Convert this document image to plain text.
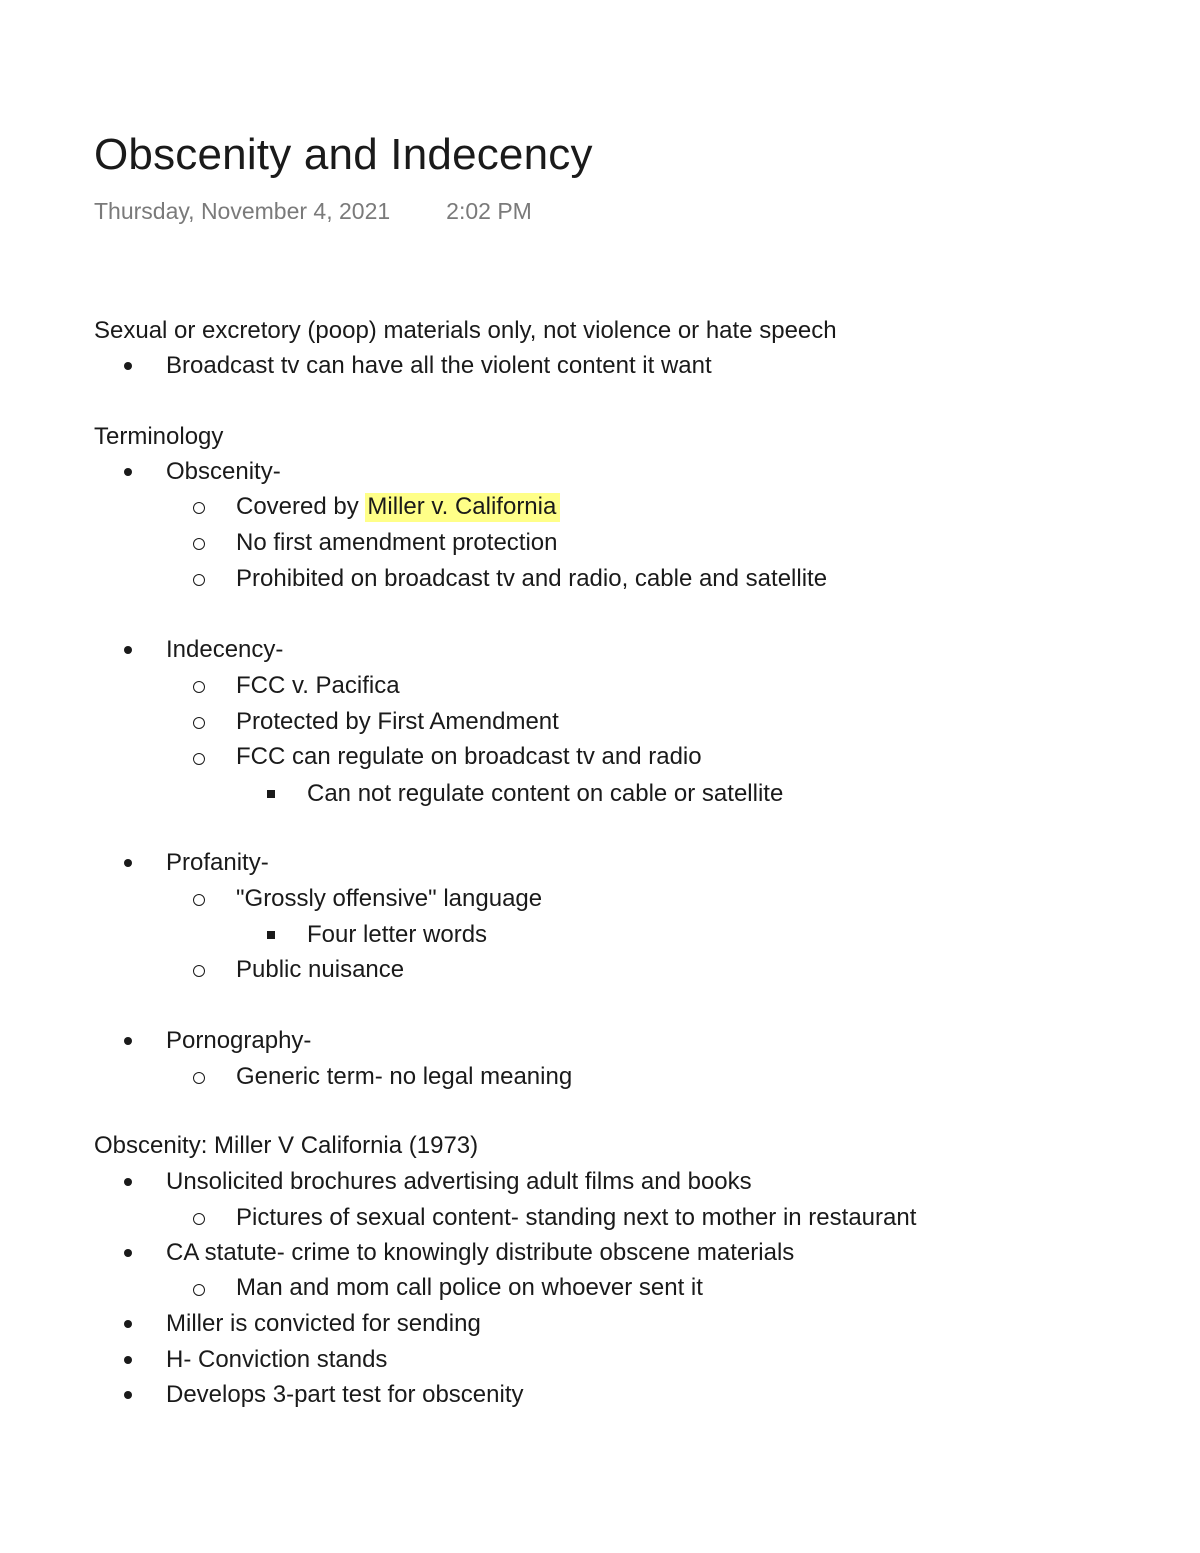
Obscenity and Indecency
Thursday, November 4, 2021 2:02 PM
Sexual or excretory (poop) materials only, not violence or hate speech
Broadcast tv can have all the violent content it want
Terminology
Obscenity-
Covered by Miller v. California
No first amendment protection
Prohibited on broadcast tv and radio, cable and satellite
Indecency-
FCC v. Pacifica
Protected by First Amendment
FCC can regulate on broadcast tv and radio
Can not regulate content on cable or satellite
Profanity-
"Grossly offensive" language
Four letter words
Public nuisance
Pornography-
Generic term- no legal meaning
Obscenity: Miller V California (1973)
Unsolicited brochures advertising adult films and books
Pictures of sexual content- standing next to mother in restaurant
CA statute- crime to knowingly distribute obscene materials
Man and mom call police on whoever sent it
Miller is convicted for sending
H- Conviction stands
Develops 3-part test for obscenity
